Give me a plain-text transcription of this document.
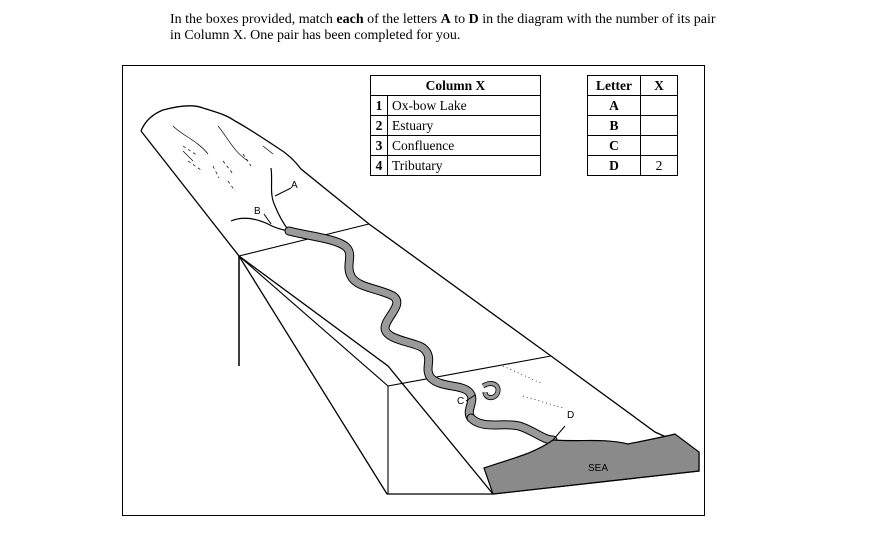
In the boxes provided, match each of the letters A to D in the diagram with the number of its pair
in Column X. One pair has been completed for you.
A
B
C
D
SEA
Column X	
1	Ox-bow Lake
2	Estuary
3	Confluence
4	Tributary
Letter	X
A	
B	
C	
D	2
